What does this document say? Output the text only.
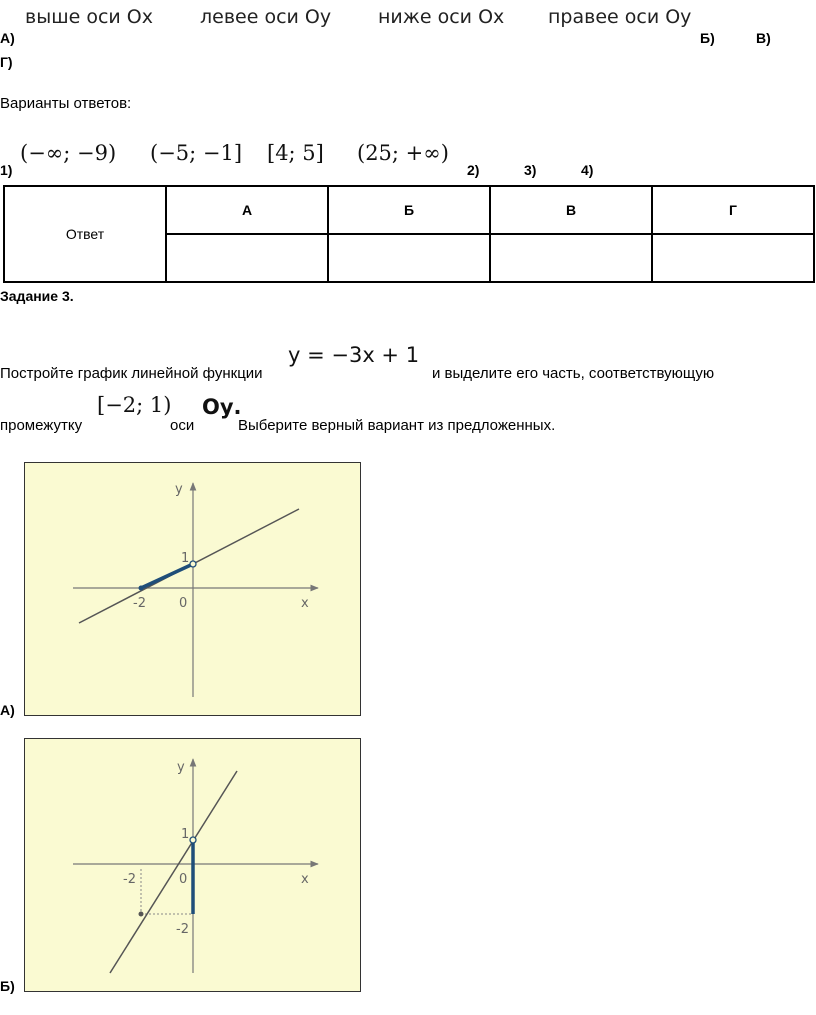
выше оси Ох левее оси Оу ниже оси Ох правее оси Оу
А)	Б)	В)
Г)
Варианты ответов:
(−∞; −9) (−5; −1] [4; 5] (25; +∞)
1)	2)	3)	4)
Ответ	А	Б	В	Г

Задание 3.
Постройте график линейной функции
y = −3x + 1
и выделите его часть, соответствующую
промежутку
[−2; 1)
оси
Оу.
Выберите верный вариант из предложенных.
y
x
1
-2	0
А)
y
x
1
-2	0
-2
Б)
